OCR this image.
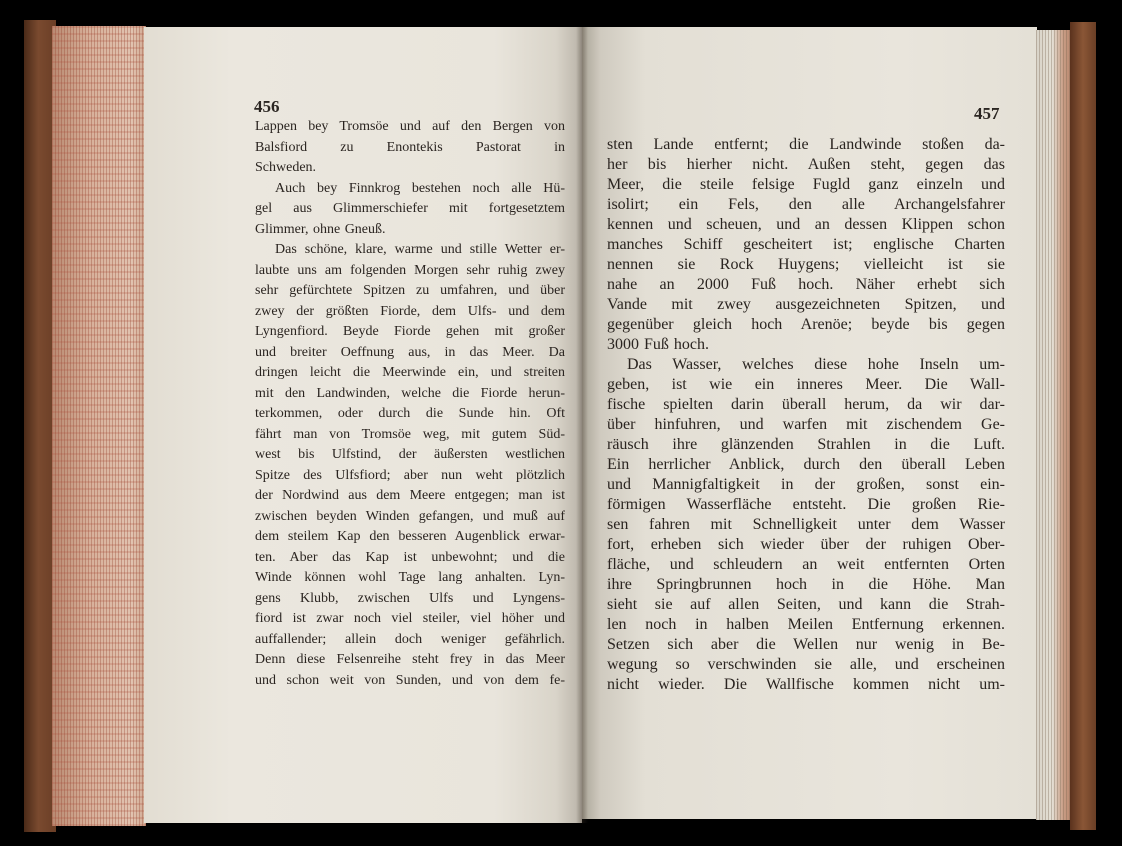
456	457
Lappen bey Tromsöe und auf den Bergen von
Balsfiord zu Enontekis Pastorat in
Schweden.
Auch bey Finnkrog bestehen noch alle Hü-
gel aus Glimmerschiefer mit fortgesetztem
Glimmer, ohne Gneuß.
Das schöne, klare, warme und stille Wetter er-
laubte uns am folgenden Morgen sehr ruhig zwey
sehr gefürchtete Spitzen zu umfahren, und über
zwey der größten Fiorde, dem Ulfs- und dem
Lyngenfiord. Beyde Fiorde gehen mit großer
und breiter Oeffnung aus, in das Meer. Da
dringen leicht die Meerwinde ein, und streiten
mit den Landwinden, welche die Fiorde herun-
terkommen, oder durch die Sunde hin. Oft
fährt man von Tromsöe weg, mit gutem Süd-
west bis Ulfstind, der äußersten westlichen
Spitze des Ulfsfiord; aber nun weht plötzlich
der Nordwind aus dem Meere entgegen; man ist
zwischen beyden Winden gefangen, und muß auf
dem steilem Kap den besseren Augenblick erwar-
ten. Aber das Kap ist unbewohnt; und die
Winde können wohl Tage lang anhalten. Lyn-
gens Klubb, zwischen Ulfs und Lyngens-
fiord ist zwar noch viel steiler, viel höher und
auffallender; allein doch weniger gefährlich.
Denn diese Felsenreihe steht frey in das Meer
und schon weit von Sunden, und von dem fe-
sten Lande entfernt; die Landwinde stoßen da-
her bis hierher nicht. Außen steht, gegen das
Meer, die steile felsige Fugld ganz einzeln und
isolirt; ein Fels, den alle Archangelsfahrer
kennen und scheuen, und an dessen Klippen schon
manches Schiff gescheitert ist; englische Charten
nennen sie Rock Huygens; vielleicht ist sie
nahe an 2000 Fuß hoch. Näher erhebt sich
Vande mit zwey ausgezeichneten Spitzen, und
gegenüber gleich hoch Arenöe; beyde bis gegen
3000 Fuß hoch.
Das Wasser, welches diese hohe Inseln um-
geben, ist wie ein inneres Meer. Die Wall-
fische spielten darin überall herum, da wir dar-
über hinfuhren, und warfen mit zischendem Ge-
räusch ihre glänzenden Strahlen in die Luft.
Ein herrlicher Anblick, durch den überall Leben
und Mannigfaltigkeit in der großen, sonst ein-
förmigen Wasserfläche entsteht. Die großen Rie-
sen fahren mit Schnelligkeit unter dem Wasser
fort, erheben sich wieder über der ruhigen Ober-
fläche, und schleudern an weit entfernten Orten
ihre Springbrunnen hoch in die Höhe. Man
sieht sie auf allen Seiten, und kann die Strah-
len noch in halben Meilen Entfernung erkennen.
Setzen sich aber die Wellen nur wenig in Be-
wegung so verschwinden sie alle, und erscheinen
nicht wieder. Die Wallfische kommen nicht um-
